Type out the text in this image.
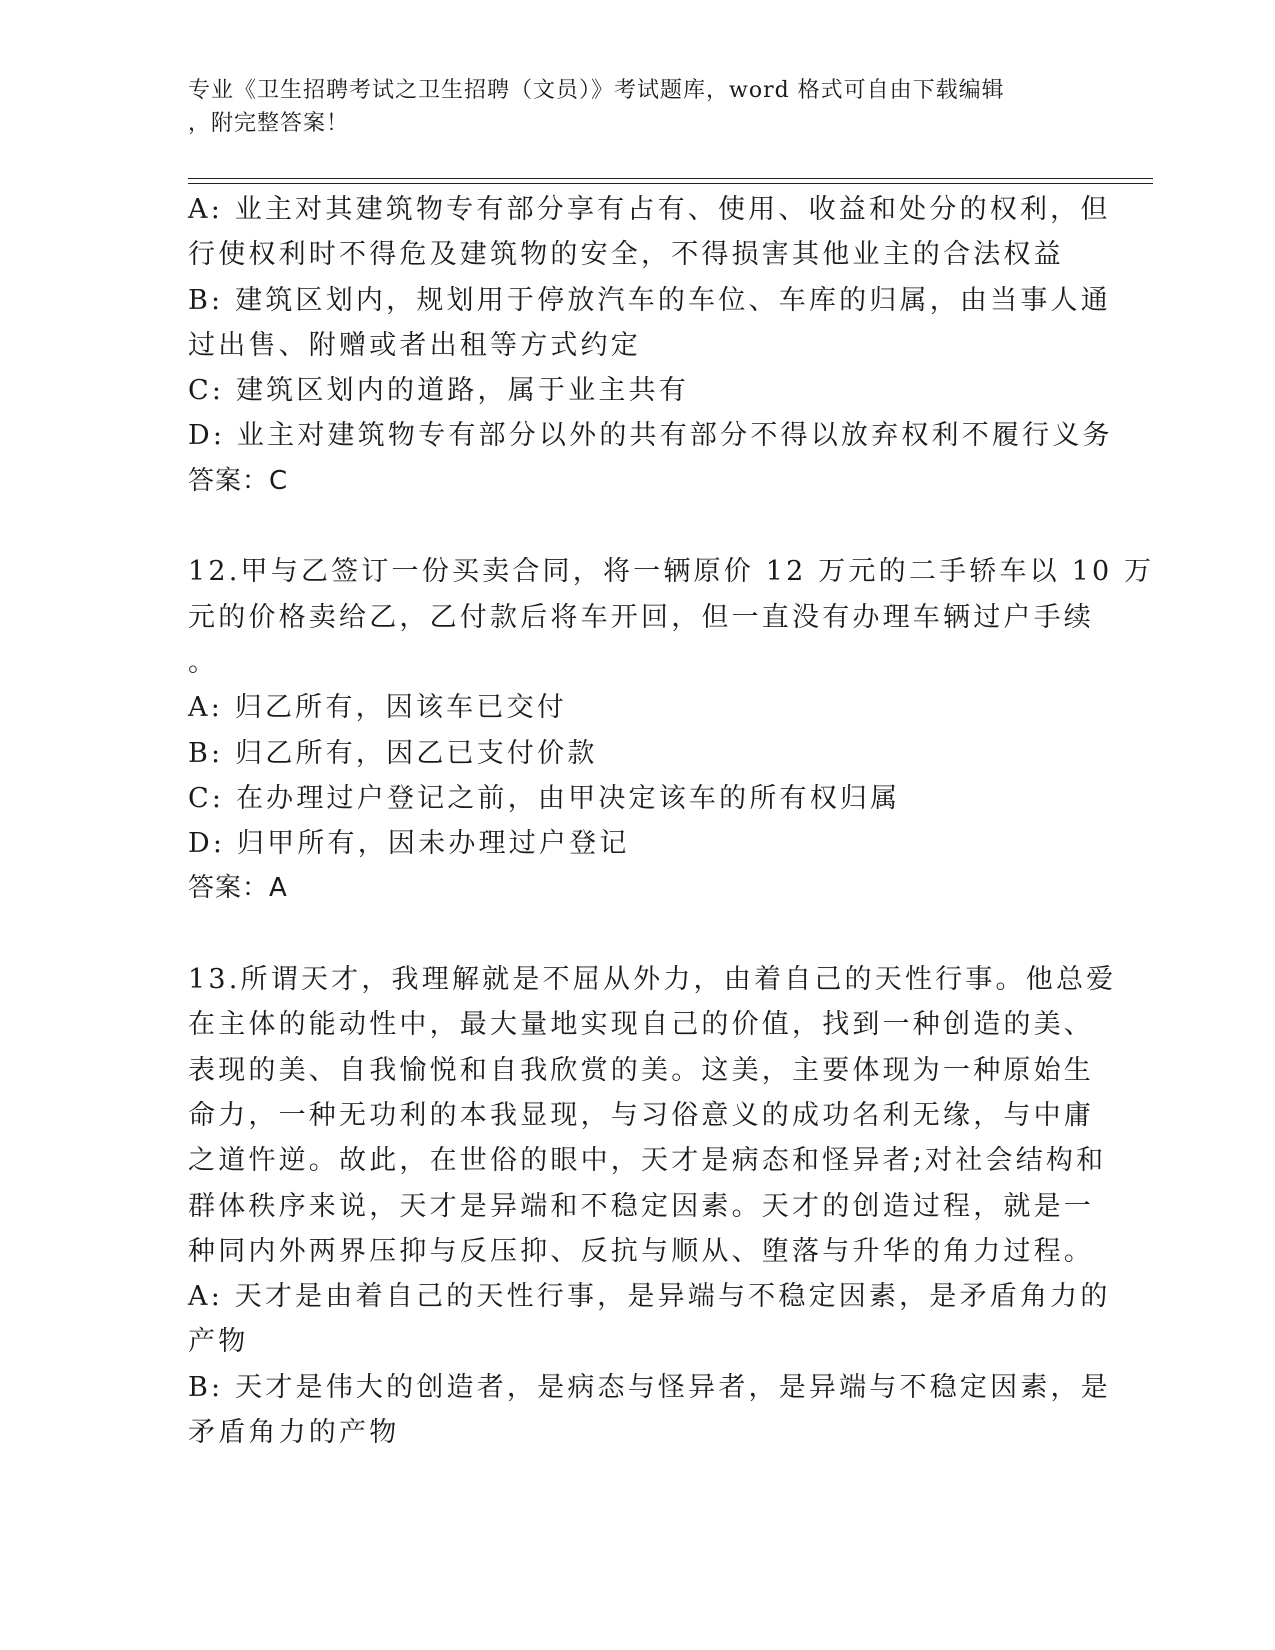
专业《卫生招聘考试之卫生招聘（文员）》考试题库，word 格式可自由下载编辑
，附完整答案！
A: 业主对其建筑物专有部分享有占有、使用、收益和处分的权利，但
行使权利时不得危及建筑物的安全，不得损害其他业主的合法权益
B: 建筑区划内，规划用于停放汽车的车位、车库的归属，由当事人通
过出售、附赠或者出租等方式约定
C: 建筑区划内的道路，属于业主共有
D: 业主对建筑物专有部分以外的共有部分不得以放弃权利不履行义务
答案：C
12.甲与乙签订一份买卖合同，将一辆原价 12 万元的二手轿车以 10 万
元的价格卖给乙，乙付款后将车开回，但一直没有办理车辆过户手续
。
A: 归乙所有，因该车已交付
B: 归乙所有，因乙已支付价款
C: 在办理过户登记之前，由甲决定该车的所有权归属
D: 归甲所有，因未办理过户登记
答案：A
13.所谓天才，我理解就是不屈从外力，由着自己的天性行事。他总爱
在主体的能动性中，最大量地实现自己的价值，找到一种创造的美、
表现的美、自我愉悦和自我欣赏的美。这美，主要体现为一种原始生
命力，一种无功利的本我显现，与习俗意义的成功名利无缘，与中庸
之道忤逆。故此，在世俗的眼中，天才是病态和怪异者;对社会结构和
群体秩序来说，天才是异端和不稳定因素。天才的创造过程，就是一
种同内外两界压抑与反压抑、反抗与顺从、堕落与升华的角力过程。
A: 天才是由着自己的天性行事，是异端与不稳定因素，是矛盾角力的
产物
B: 天才是伟大的创造者，是病态与怪异者，是异端与不稳定因素，是
矛盾角力的产物
